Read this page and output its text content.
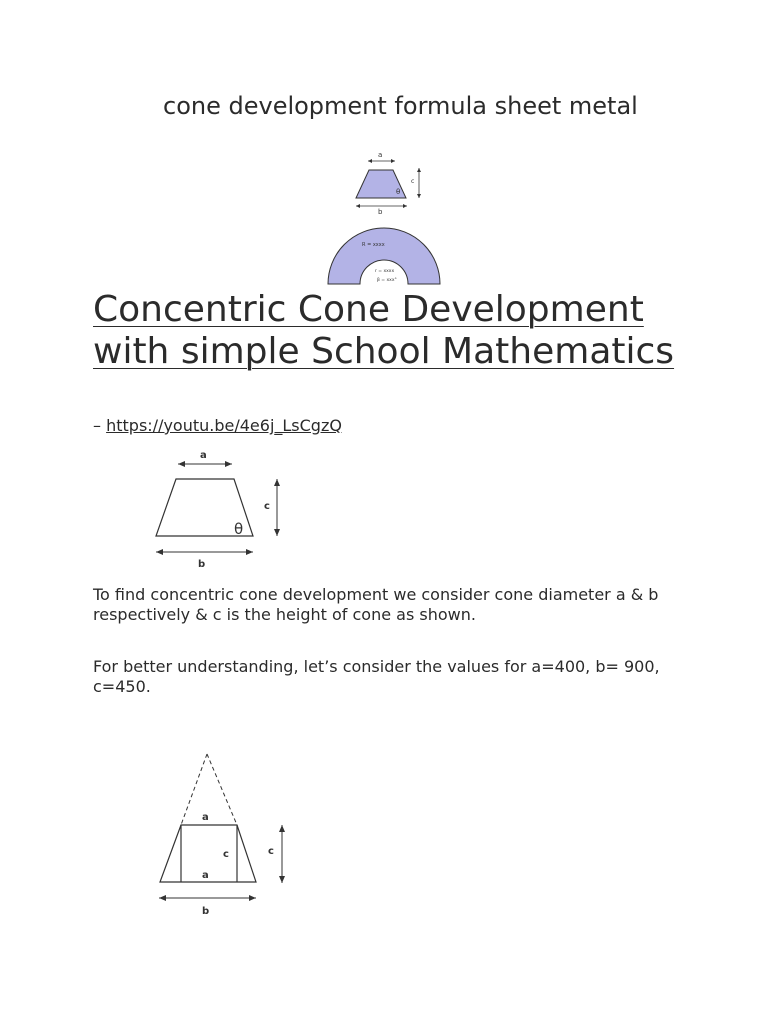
cone development formula sheet metal
a
b
c
θ
R = xxxx
r = xxxx
β = xxx°
Concentric Cone Development with simple School Mathematics
– https://youtu.be/4e6j_LsCgzQ
a
θ
c
b

To find concentric cone development we consider cone diameter a & b respectively & c is the height of cone as shown.

For better understanding, let’s consider the values for a=400, b= 900, c=450.

a
c
a
c
b
